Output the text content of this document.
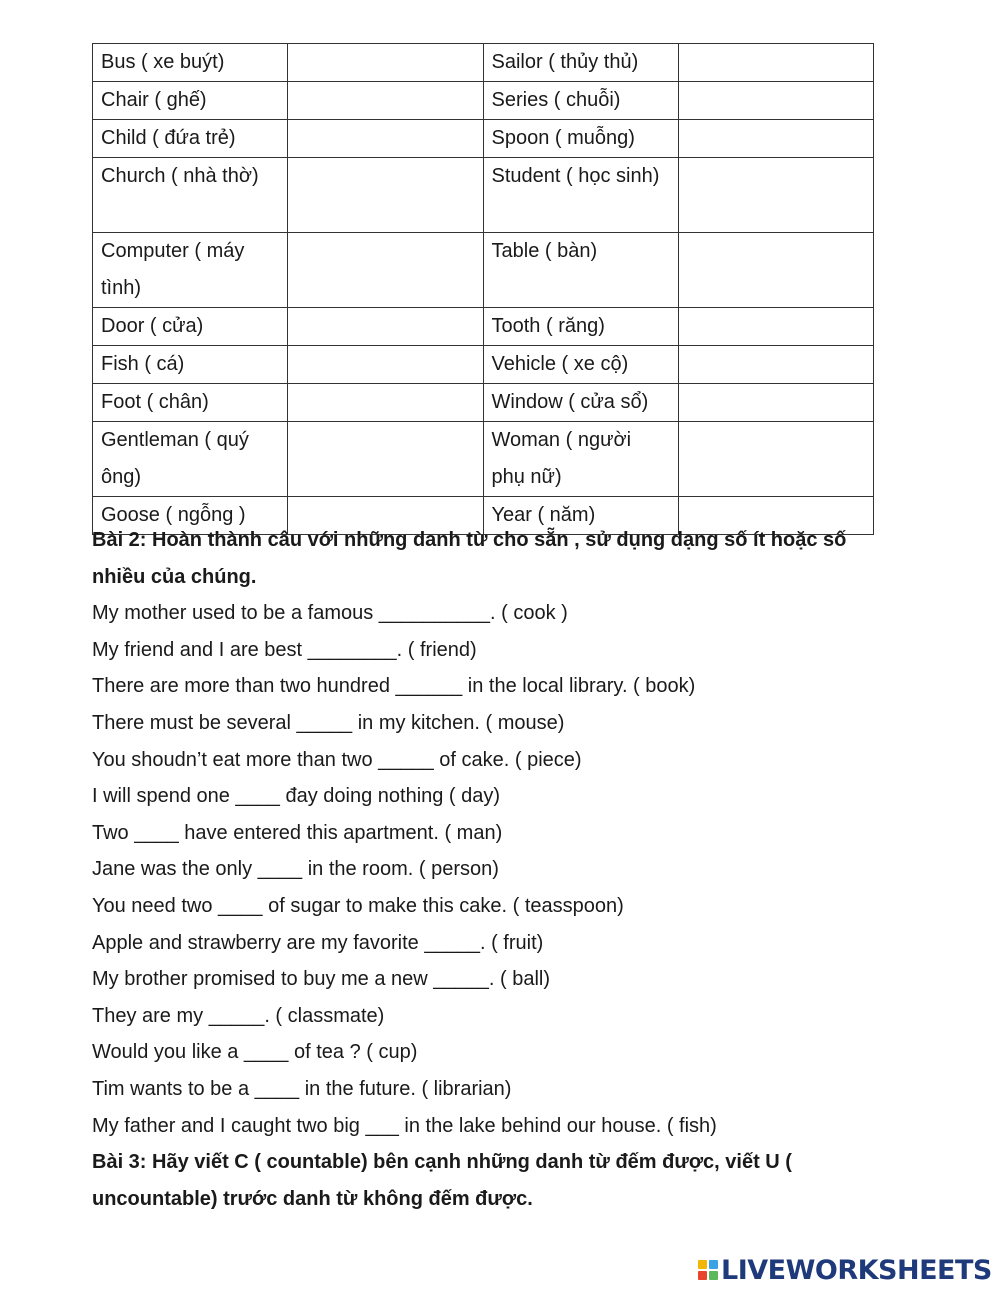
Bus ( xe buýt)		Sailor ( thủy thủ)	
Chair ( ghế)		Series ( chuỗi)	
Child ( đứa trẻ)		Spoon ( muỗng)	
Church ( nhà thờ)		Student ( học sinh)	
Computer ( máy tình)		Table ( bàn)	
Door ( cửa)		Tooth ( răng)	
Fish ( cá)		Vehicle ( xe cộ)	
Foot ( chân)		Window ( cửa sổ)	
Gentleman ( quý ông)		Woman ( người phụ nữ)	
Goose ( ngỗng )		Year ( năm)	
Bài 2: Hoàn thành câu với những danh từ cho sẵn , sử dụng dạng số ít hoặc số
nhiều của chúng.
My mother used to be a famous __________. ( cook )
My friend and I are best ________. ( friend)
There are more than two hundred ______ in the local library. ( book)
There must be several _____ in my kitchen. ( mouse)
You shoudn’t eat more than two _____ of cake. ( piece)
I will spend one ____ đay doing nothing ( day)
Two ____ have entered this apartment. ( man)
Jane was the only ____ in the room. ( person)
You need two ____ of sugar to make this cake. ( teasspoon)
Apple and strawberry are my favorite _____. ( fruit)
My brother promised to buy me a new _____. ( ball)
They are my _____. ( classmate)
Would you like a ____ of tea ? ( cup)
Tim wants to be a ____ in the future. ( librarian)
My father and I caught two big ___ in the lake behind our house. ( fish)
Bài 3: Hãy viết C ( countable) bên cạnh những danh từ đếm được, viết U (
uncountable) trước danh từ không đếm được.
LIVEWORKSHEETS
